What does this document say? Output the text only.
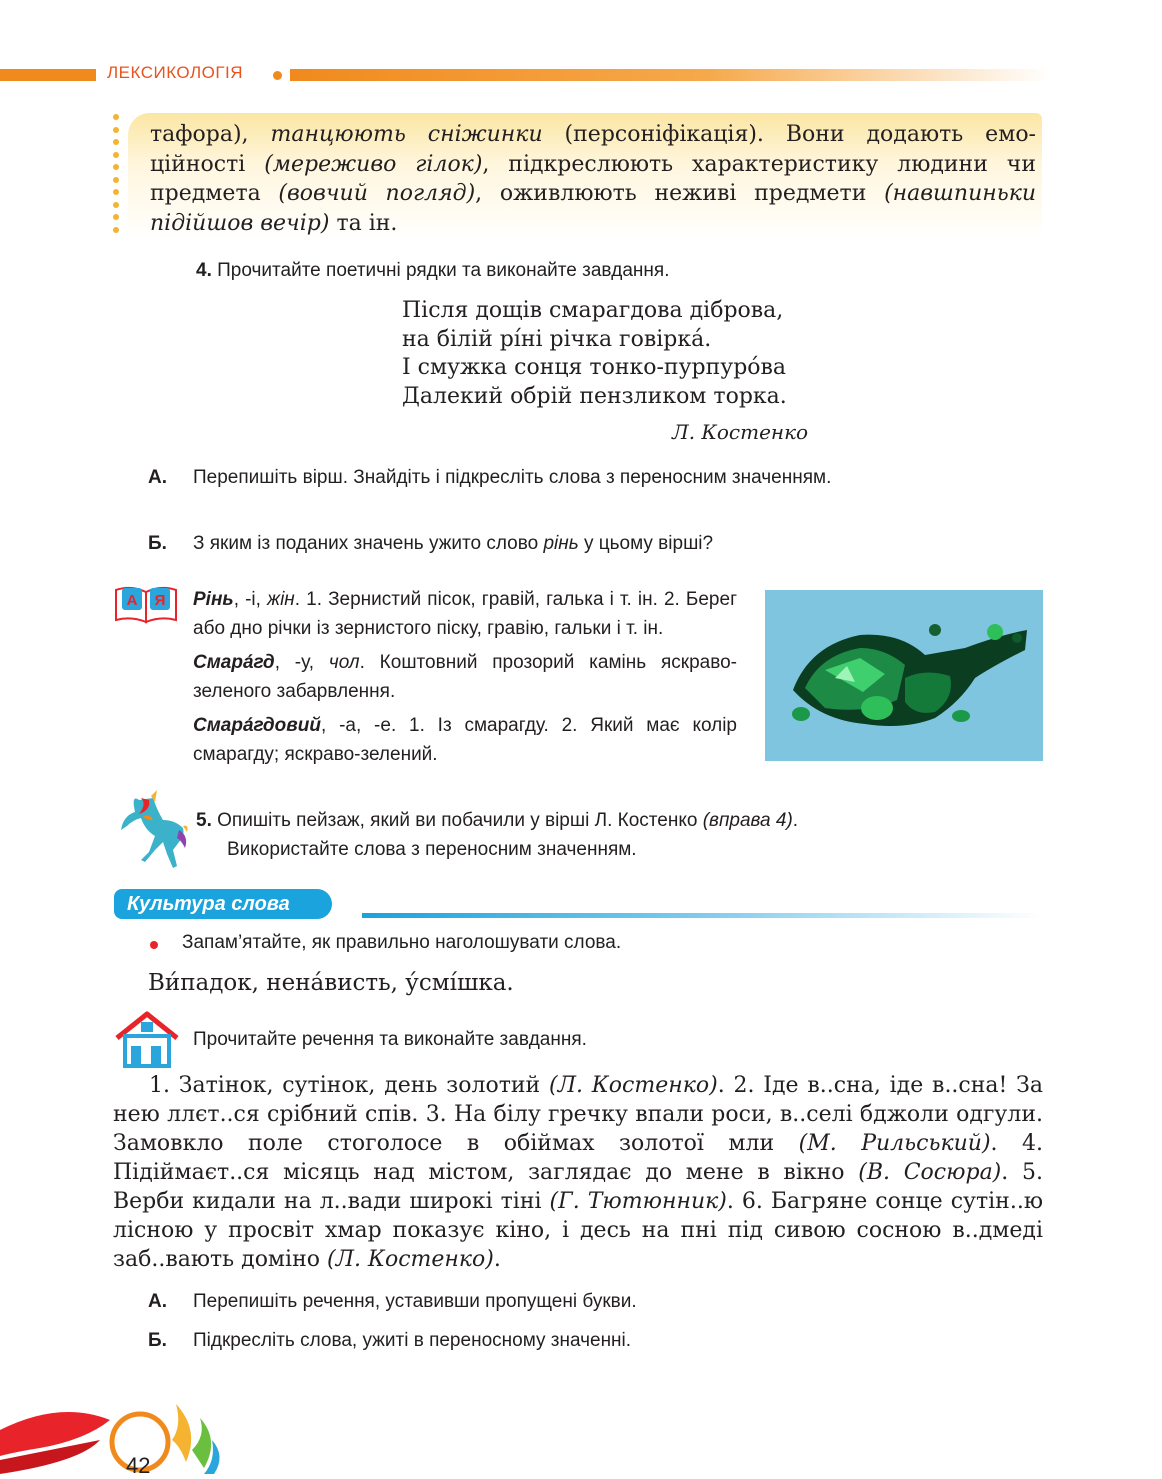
ЛЕКСИКОЛОГІЯ
тафора), танцюють сніжинки (персоніфікація). Вони додають емо- ційності (мереживо гілок), підкреслюють характеристику людини чи предмета (вовчий погляд), оживлюють неживі предмети (навшпиньки підійшов вечір) та ін.
4. Прочитайте поетичні рядки та виконайте завдання.
Після дощів смарагдова діброва,
на білій рі́ні річка говірка́.
І смужка сонця тонко-пурпуро́ва
Далекий обрій пензликом торка.
Л. Костенко
А. Перепишіть вірш. Знайдіть і підкресліть слова з переносним значенням.
Б. З яким із поданих значень ужито слово рінь у цьому вірші?
А Я Рінь, -і, жін. 1. Зернистий пісок, гравій, галька і т. ін. 2. Берег або дно річки із зернистого піску, гравію, гальки і т. ін.

Смара́гд, -у, чол. Коштовний прозорий камінь яскраво-зеленого забарвлення.

Смара́гдовий, -а, -е. 1. Із смарагду. 2. Який має колір смарагду; яскраво-зелений.

5. Опишіть пейзаж, який ви побачили у вірші Л. Костенко (вправа 4).
Використайте слова з переносним значенням.
Культура слова
Запам’ятайте, як правильно наголошувати слова.
Ви́падок, нена́висть, у́смі́шка.
Прочитайте речення та виконайте завдання.
1. Затінок, сутінок, день золотий (Л. Костенко). 2. Іде в..сна, іде в..сна! За нею ллєт..ся срібний спів. 3. На білу гречку впали роси, в..селі бджоли одгули. Замовкло поле стоголосе в обіймах золотої мли (М. Рильський). 4. Підіймаєт..ся місяць над містом, заглядає до мене в вікно (В. Сосюра). 5. Верби кидали на л..вади широкі тіні (Г. Тютюнник). 6. Багряне сонце сутін..ю лісною у просвіт хмар показує кіно, і десь на пні під сивою сосною в..дмеді заб..вають доміно (Л. Костенко).
А. Перепишіть речення, уставивши пропущені букви.
Б. Підкресліть слова, ужиті в переносному значенні.
42
